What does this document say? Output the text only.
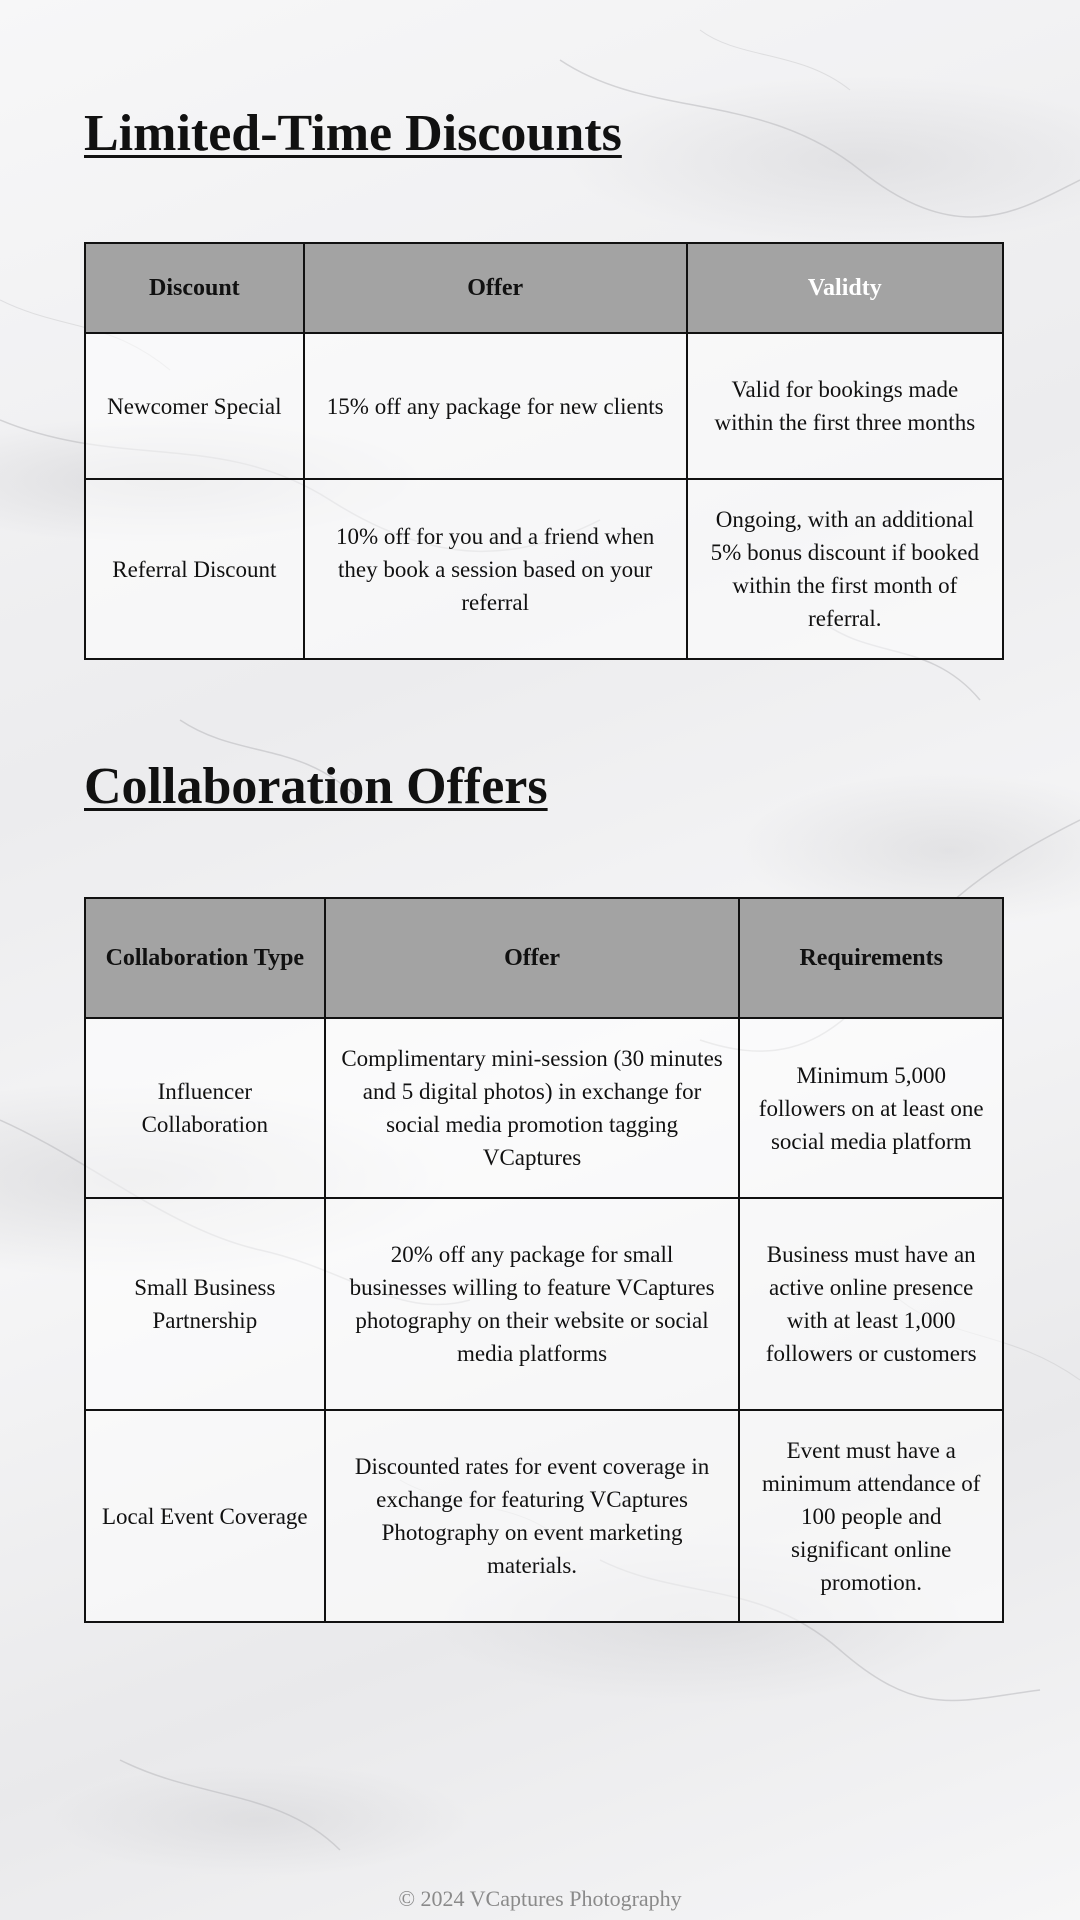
Limited-Time Discounts
Discount	Offer	Validty
Newcomer Special	15% off any package for new clients	Valid for bookings made within the first three months
Referral Discount	10% off for you and a friend when they book a session based on your referral	Ongoing, with an additional 5% bonus discount if booked within the first month of referral.
Collaboration Offers
Collaboration Type	Offer	Requirements
Influencer Collaboration	Complimentary mini-session (30 minutes and 5 digital photos) in exchange for social media promotion tagging VCaptures	Minimum 5,000 followers on at least one social media platform
Small Business Partnership	20% off any package for small businesses willing to feature VCaptures photography on their website or social media platforms	Business must have an active online presence with at least 1,000 followers or customers
Local Event Coverage	Discounted rates for event coverage in exchange for featuring VCaptures Photography on event marketing materials.	Event must have a minimum attendance of 100 people and significant online promotion.
© 2024 VCaptures Photography
